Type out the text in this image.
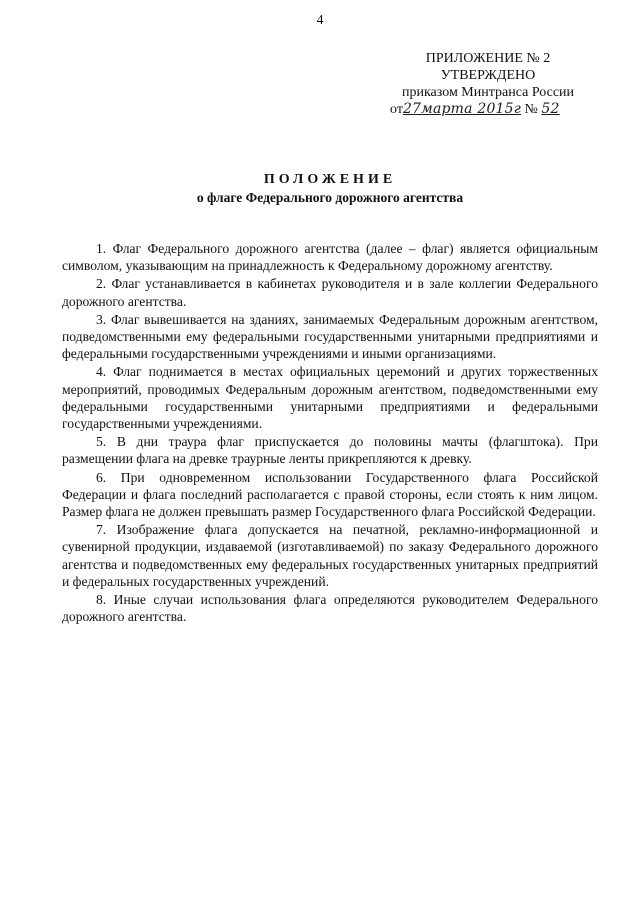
4
ПРИЛОЖЕНИЕ № 2
УТВЕРЖДЕНО
приказом Минтранса России
от27марта 2015г № 52
ПОЛОЖЕНИЕ
о флаге Федерального дорожного агентства

1. Флаг Федерального дорожного агентства (далее – флаг) является официальным символом, указывающим на принадлежность к Федеральному дорожному агентству.

2. Флаг устанавливается в кабинетах руководителя и в зале коллегии Федерального дорожного агентства.

3. Флаг вывешивается на зданиях, занимаемых Федеральным дорожным агентством, подведомственными ему федеральными государственными унитарными предприятиями и федеральными государственными учреждениями и иными организациями.

4. Флаг поднимается в местах официальных церемоний и других торжественных мероприятий, проводимых Федеральным дорожным агентством, подведомственными ему федеральными государственными унитарными предприятиями и федеральными государственными учреждениями.

5. В дни траура флаг приспускается до половины мачты (флагштока). При размещении флага на древке траурные ленты прикрепляются к древку.

6. При одновременном использовании Государственного флага Российской Федерации и флага последний располагается с правой стороны, если стоять к ним лицом. Размер флага не должен превышать размер Государственного флага Российской Федерации.

7. Изображение флага допускается на печатной, рекламно-информационной и сувенирной продукции, издаваемой (изготавливаемой) по заказу Федерального дорожного агентства и подведомственных ему федеральных государственных унитарных предприятий и федеральных государственных учреждений.

8. Иные случаи использования флага определяются руководителем Федерального дорожного агентства.
